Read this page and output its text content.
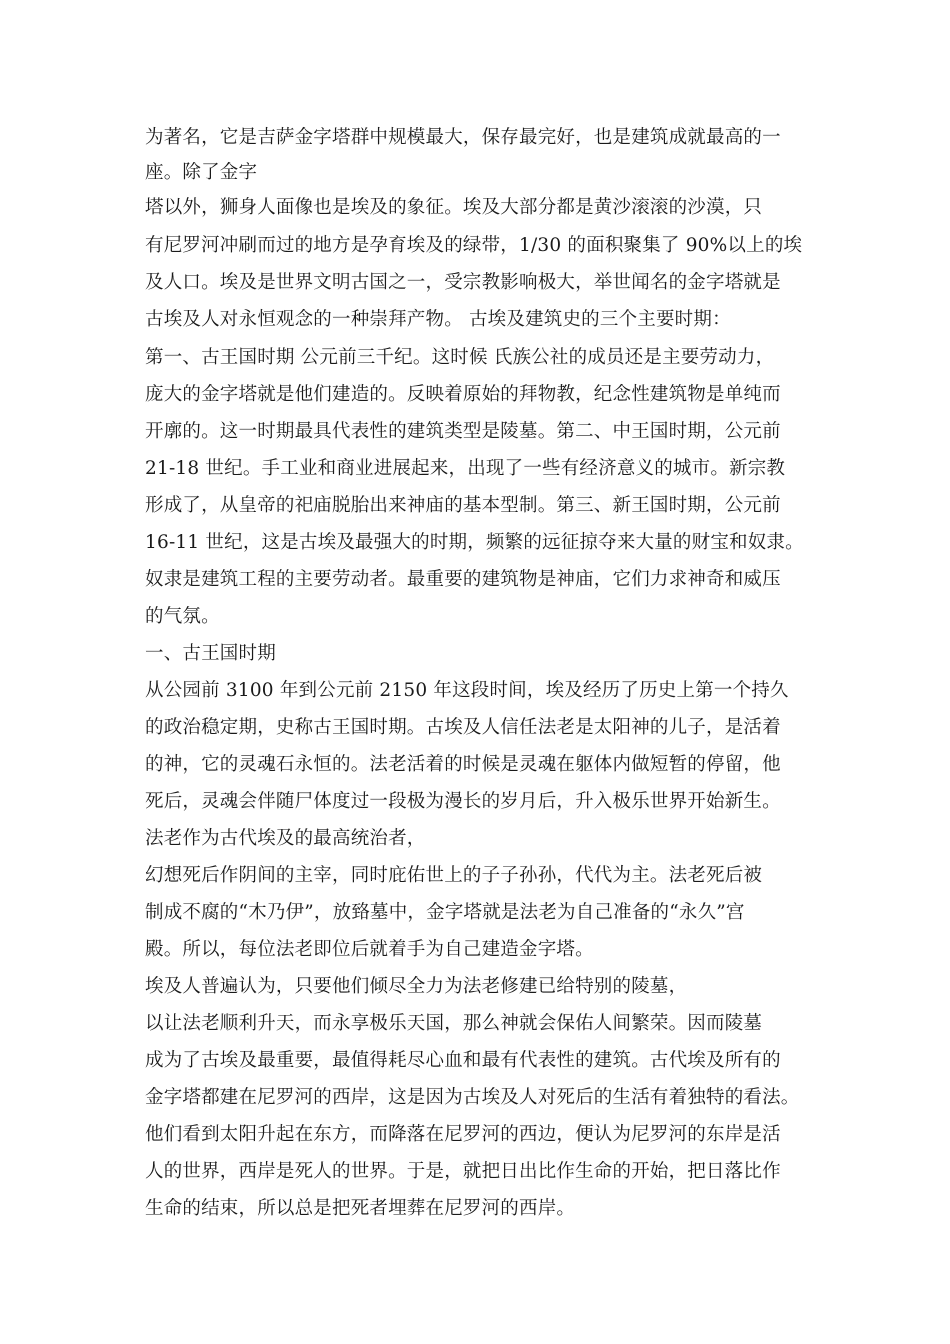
为著名，它是吉萨金字塔群中规模最大，保存最完好，也是建筑成就最高的一
座。除了金字
塔以外，狮身人面像也是埃及的象征。埃及大部分都是黄沙滚滚的沙漠，只
有尼罗河冲刷而过的地方是孕育埃及的绿带，1/30 的面积聚集了 90%以上的埃
及人口。埃及是世界文明古国之一，受宗教影响极大，举世闻名的金字塔就是
古埃及人对永恒观念的一种崇拜产物。 古埃及建筑史的三个主要时期：
第一、古王国时期 公元前三千纪。这时候 氏族公社的成员还是主要劳动力，
庞大的金字塔就是他们建造的。反映着原始的拜物教，纪念性建筑物是单纯而
开廓的。这一时期最具代表性的建筑类型是陵墓。第二、中王国时期，公元前
21-18 世纪。手工业和商业进展起来，出现了一些有经济意义的城市。新宗教
形成了，从皇帝的祀庙脱胎出来神庙的基本型制。第三、新王国时期，公元前
16-11 世纪，这是古埃及最强大的时期，频繁的远征掠夺来大量的财宝和奴隶。
奴隶是建筑工程的主要劳动者。最重要的建筑物是神庙，它们力求神奇和威压
的气氛。
一、古王国时期
从公园前 3100 年到公元前 2150 年这段时间，埃及经历了历史上第一个持久
的政治稳定期，史称古王国时期。古埃及人信任法老是太阳神的儿子，是活着
的神，它的灵魂石永恒的。法老活着的时候是灵魂在躯体内做短暂的停留，他
死后，灵魂会伴随尸体度过一段极为漫长的岁月后，升入极乐世界开始新生。
法老作为古代埃及的最高统治者，
幻想死后作阴间的主宰，同时庇佑世上的子子孙孙，代代为主。法老死后被
制成不腐的“木乃伊”，放臵墓中，金字塔就是法老为自己准备的“永久”宫
殿。所以，每位法老即位后就着手为自己建造金字塔。
埃及人普遍认为，只要他们倾尽全力为法老修建已给特别的陵墓，
以让法老顺利升天，而永享极乐天国，那么神就会保佑人间繁荣。因而陵墓
成为了古埃及最重要，最值得耗尽心血和最有代表性的建筑。古代埃及所有的
金字塔都建在尼罗河的西岸，这是因为古埃及人对死后的生活有着独特的看法。
他们看到太阳升起在东方，而降落在尼罗河的西边，便认为尼罗河的东岸是活
人的世界，西岸是死人的世界。于是，就把日出比作生命的开始，把日落比作
生命的结束，所以总是把死者埋葬在尼罗河的西岸。
